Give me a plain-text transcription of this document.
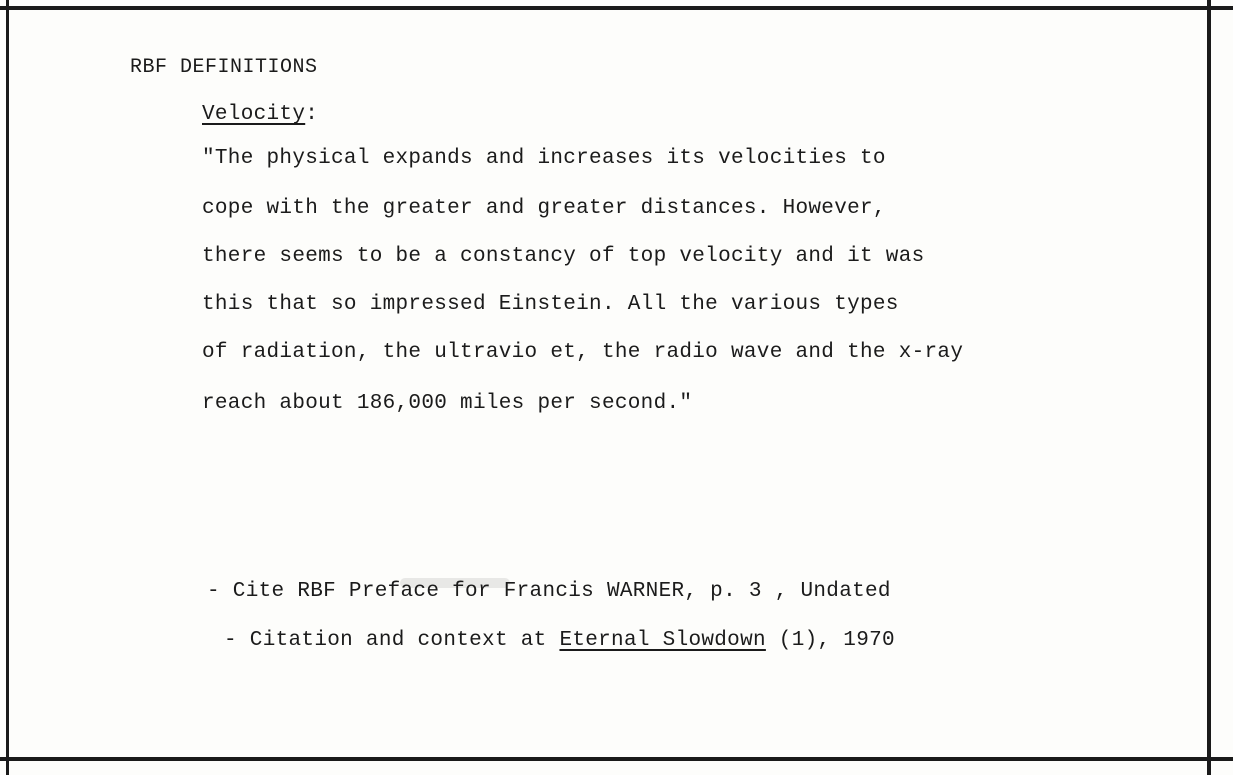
RBF DEFINITIONS
Velocity:
"The physical expands and increases its velocities to
cope with the greater and greater distances. However,
there seems to be a constancy of top velocity and it was
this that so impressed Einstein. All the various types
of radiation, the ultravio et, the radio wave and the x-ray
reach about 186,000 miles per second."
- Cite RBF Preface for Francis WARNER, p. 3 , Undated
- Citation and context at Eternal Slowdown (1), 1970
